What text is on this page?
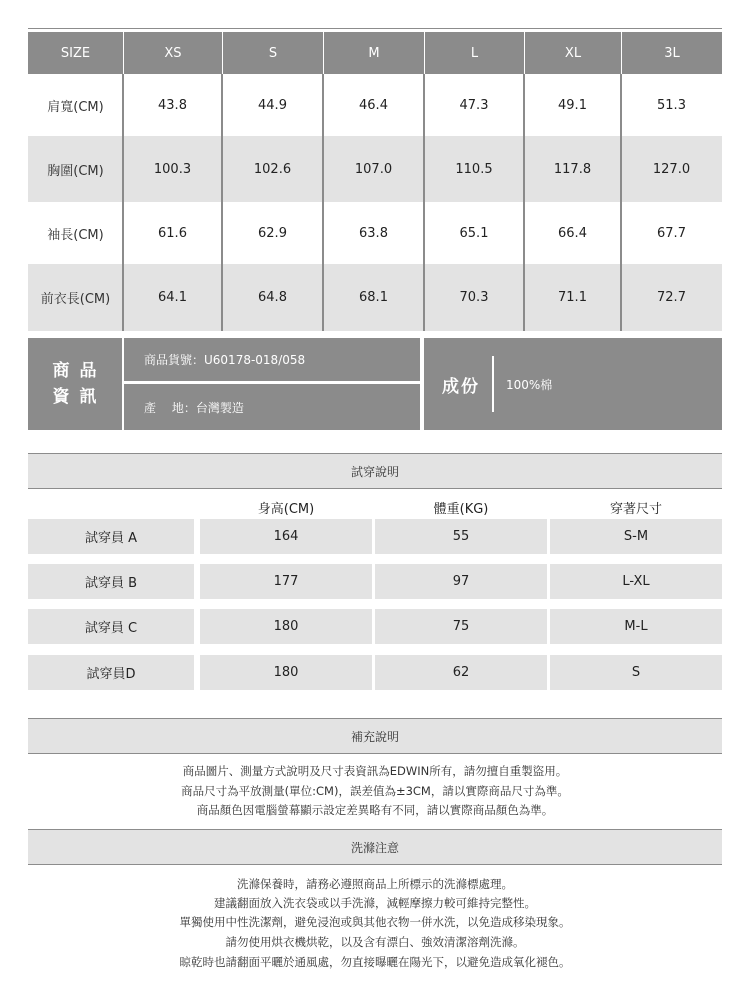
SIZE	XS	S	M	L	XL	3L
肩寬(CM)	43.8	44.9	46.4	47.3	49.1	51.3
胸圍(CM)	100.3	102.6	107.0	110.5	117.8	127.0
袖長(CM)	61.6	62.9	63.8	65.1	66.4	67.7
前衣長(CM)	64.1	64.8	68.1	70.3	71.1	72.7
商品
資訊
商品貨號：U60178-018/058
產　 地：台灣製造
成份 100%棉
試穿說明
身高(CM)	體重(KG)	穿著尺寸
試穿員 A	164	55	S-M
試穿員 B	177	97	L-XL
試穿員 C	180	75	M-L
試穿員D	180	62	S
補充說明
商品圖片、測量方式說明及尺寸表資訊為EDWIN所有，請勿擅自重製盜用。
商品尺寸為平放測量(單位:CM)，誤差值為±3CM，請以實際商品尺寸為準。
商品顏色因電腦螢幕顯示設定差異略有不同，請以實際商品顏色為準。
洗滌注意
洗滌保養時，請務必遵照商品上所標示的洗滌標處理。
建議翻面放入洗衣袋或以手洗滌，減輕摩擦力較可維持完整性。
單獨使用中性洗潔劑，避免浸泡或與其他衣物一併水洗，以免造成移染現象。
請勿使用烘衣機烘乾，以及含有漂白、強效清潔溶劑洗滌。
晾乾時也請翻面平曬於通風處，勿直接曝曬在陽光下，以避免造成氧化褪色。
